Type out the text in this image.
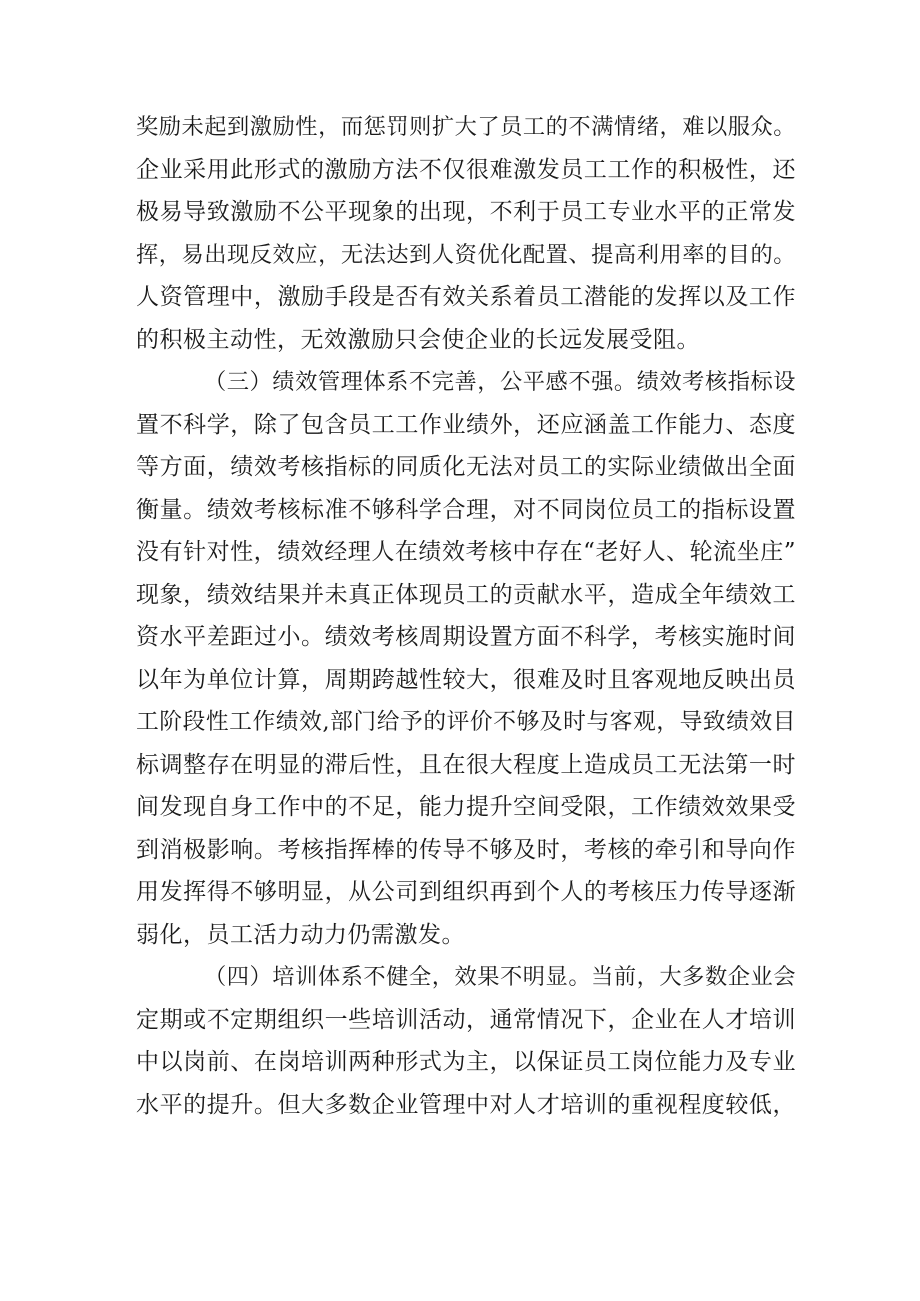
奖励未起到激励性，而惩罚则扩大了员工的不满情绪，难以服众。
企业采用此形式的激励方法不仅很难激发员工工作的积极性，还
极易导致激励不公平现象的出现，不利于员工专业水平的正常发
挥，易出现反效应，无法达到人资优化配置、提高利用率的目的。
人资管理中，激励手段是否有效关系着员工潜能的发挥以及工作
的积极主动性，无效激励只会使企业的长远发展受阻。
（三）绩效管理体系不完善，公平感不强。绩效考核指标设
置不科学，除了包含员工工作业绩外，还应涵盖工作能力、态度
等方面，绩效考核指标的同质化无法对员工的实际业绩做出全面
衡量。绩效考核标准不够科学合理，对不同岗位员工的指标设置
没有针对性，绩效经理人在绩效考核中存在“老好人、轮流坐庄”
现象，绩效结果并未真正体现员工的贡献水平，造成全年绩效工
资水平差距过小。绩效考核周期设置方面不科学，考核实施时间
以年为单位计算，周期跨越性较大，很难及时且客观地反映出员
工阶段性工作绩效,部门给予的评价不够及时与客观，导致绩效目
标调整存在明显的滞后性，且在很大程度上造成员工无法第一时
间发现自身工作中的不足，能力提升空间受限，工作绩效效果受
到消极影响。考核指挥棒的传导不够及时，考核的牵引和导向作
用发挥得不够明显，从公司到组织再到个人的考核压力传导逐渐
弱化，员工活力动力仍需激发。
（四）培训体系不健全，效果不明显。当前，大多数企业会
定期或不定期组织一些培训活动，通常情况下，企业在人才培训
中以岗前、在岗培训两种形式为主，以保证员工岗位能力及专业
水平的提升。但大多数企业管理中对人才培训的重视程度较低，
